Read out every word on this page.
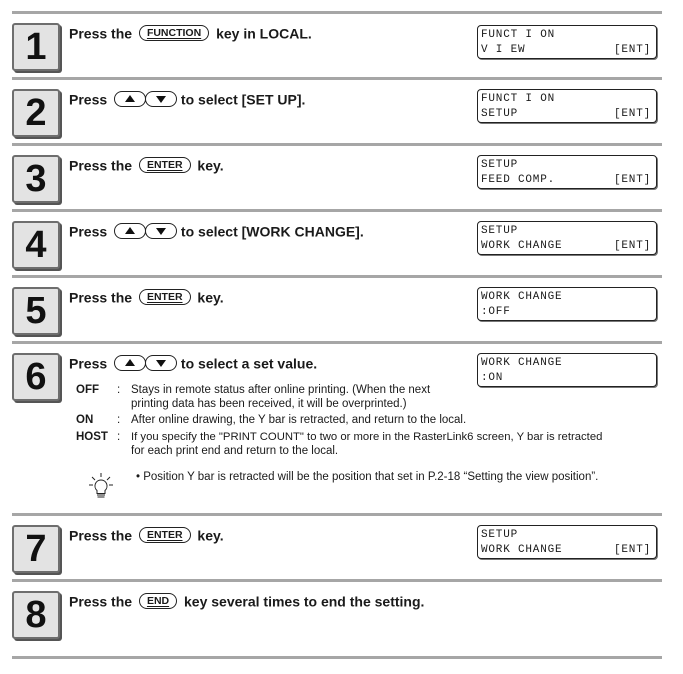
1	Press the FUNCTION key in LOCAL.	FUNCT I ON
V I EW	[ENT]
2	Press	to select [SET UP].	FUNCT I ON
SETUP	[ENT]
3	Press the ENTER key.	SETUP
FEED COMP.	[ENT]
4	Press	to select [WORK CHANGE].	SETUP
WORK CHANGE	[ENT]
5	Press the ENTER key.	WORK CHANGE
:OFF
6	Press	to select a set value.	WORK CHANGE
:ON
OFF : Stays in remote status after online printing. (When the next
printing data has been received, it will be overprinted.)
ON : After online drawing, the Y bar is retracted, and return to the local.
HOST : If you specify the "PRINT COUNT" to two or more in the RasterLink6 screen, Y bar is retracted
for each print end and return to the local.
• Position Y bar is retracted will be the position that set in P.2-18 “Setting the view position”.
7	Press the ENTER key.	SETUP
WORK CHANGE	[ENT]
8	Press the END key several times to end the setting.
